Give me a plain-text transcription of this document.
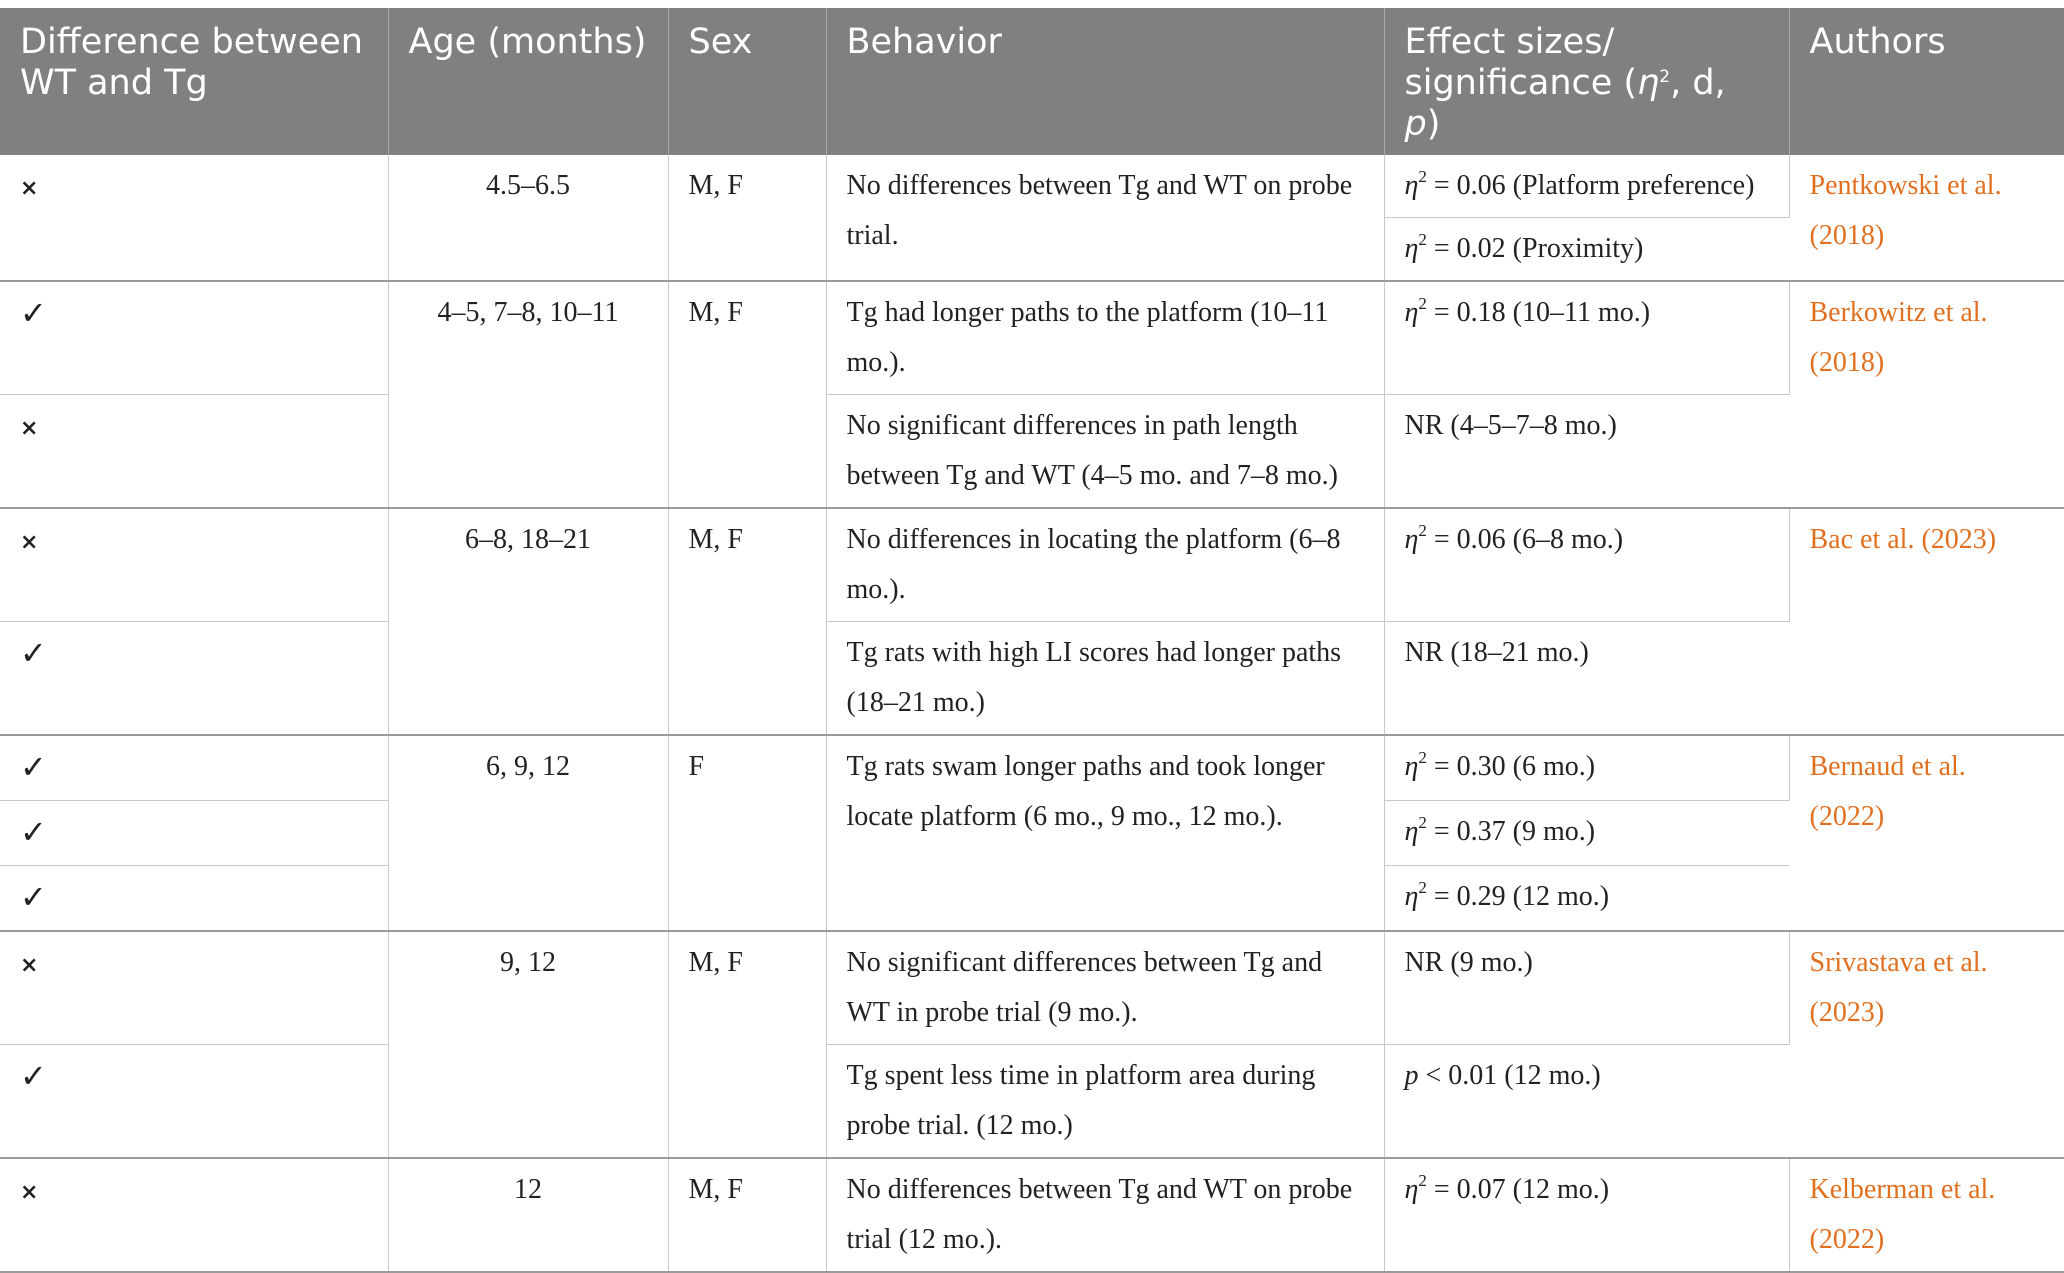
Difference between WT and Tg	Age (months)	Sex	Behavior	Effect sizes/ significance ($\eta^2$, d, p)	Authors
×	4.5–6.5	M, F	No differences between Tg and WT on probe trial.	$\eta^2 = 0.06$ (Platform preference)	Pentkowski et al. (2018)
				$\eta^2 = 0.02$ (Proximity)	
✓	4–5, 7–8, 10–11	M, F	Tg had longer paths to the platform (10–11 mo.).	$\eta^2 = 0.18$ (10–11 mo.)	Berkowitz et al. (2018)
×			No significant differences in path length between Tg and WT (4–5 mo. and 7–8 mo.)	NR (4–5–7–8 mo.)	
×	6–8, 18–21	M, F	No differences in locating the platform (6–8 mo.).	$\eta^2 = 0.06$ (6–8 mo.)	Bac et al. (2023)
✓			Tg rats with high LI scores had longer paths (18–21 mo.)	NR (18–21 mo.)	
✓	6, 9, 12	F	Tg rats swam longer paths and took longer locate platform (6 mo., 9 mo., 12 mo.).	$\eta^2 = 0.30$ (6 mo.)	Bernaud et al. (2022)
✓				$\eta^2 = 0.37$ (9 mo.)	
✓				$\eta^2 = 0.29$ (12 mo.)	
×	9, 12	M, F	No significant differences between Tg and WT in probe trial (9 mo.).	NR (9 mo.)	Srivastava et al. (2023)
✓			Tg spent less time in platform area during probe trial. (12 mo.)	p < 0.01 (12 mo.)	
×	12	M, F	No differences between Tg and WT on probe trial (12 mo.).	$\eta^2 = 0.07$ (12 mo.)	Kelberman et al. (2022)
